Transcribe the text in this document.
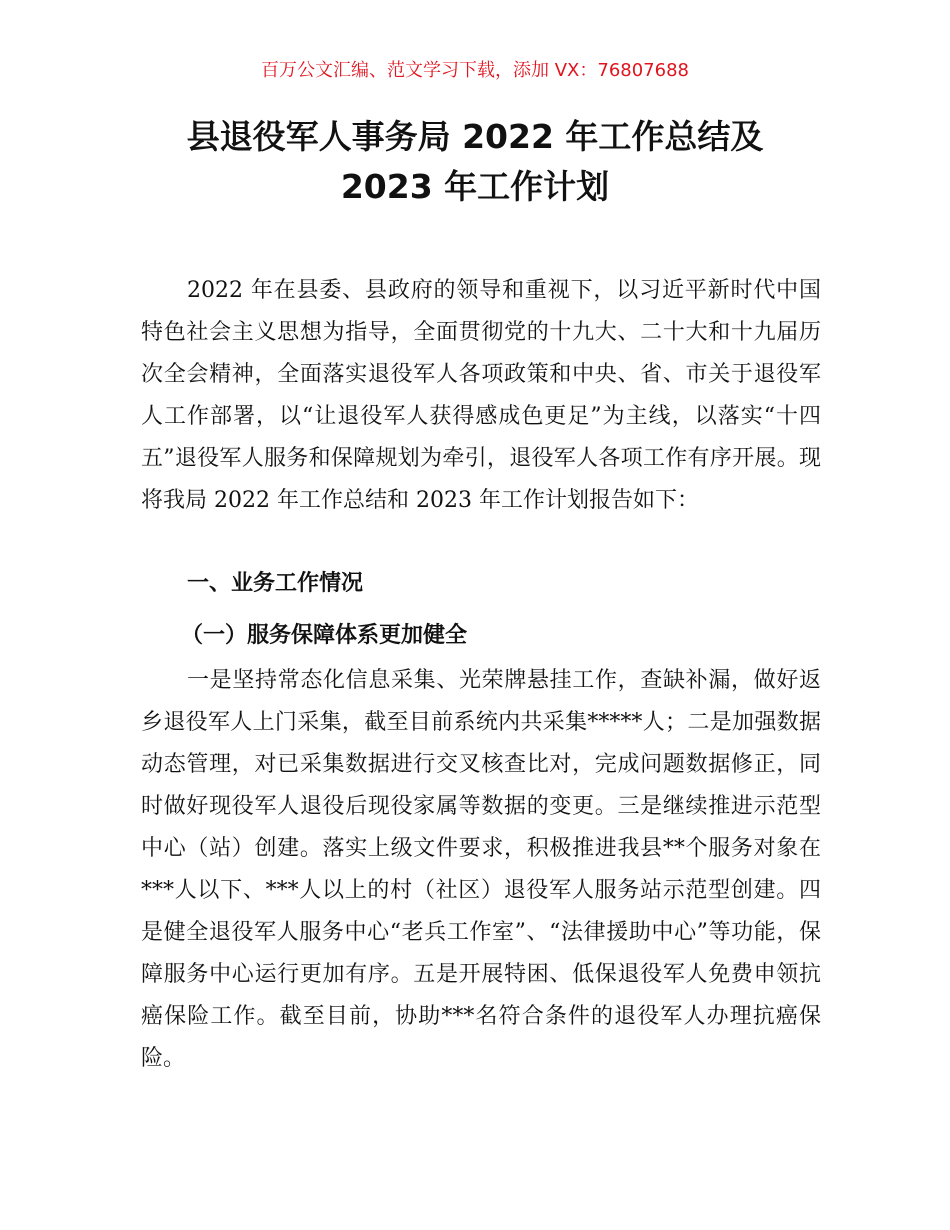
百万公文汇编、范文学习下载，添加 VX：76807688
县退役军人事务局 2022 年工作总结及
2023 年工作计划

2022 年在县委、县政府的领导和重视下，以习近平新时代中国特色社会主义思想为指导，全面贯彻党的十九大、二十大和十九届历次全会精神，全面落实退役军人各项政策和中央、省、市关于退役军人工作部署，以“让退役军人获得感成色更足”为主线，以落实“十四五”退役军人服务和保障规划为牵引，退役军人各项工作有序开展。现将我局 2022 年工作总结和 2023 年工作计划报告如下：

一、业务工作情况
（一）服务保障体系更加健全

一是坚持常态化信息采集、光荣牌悬挂工作，查缺补漏，做好返乡退役军人上门采集，截至目前系统内共采集*****人；二是加强数据动态管理，对已采集数据进行交叉核查比对，完成问题数据修正，同时做好现役军人退役后现役家属等数据的变更。三是继续推进示范型中心（站）创建。落实上级文件要求，积极推进我县**个服务对象在***人以下、***人以上的村（社区）退役军人服务站示范型创建。四是健全退役军人服务中心“老兵工作室”、“法律援助中心”等功能，保障服务中心运行更加有序。五是开展特困、低保退役军人免费申领抗癌保险工作。截至目前，协助***名符合条件的退役军人办理抗癌保险。
